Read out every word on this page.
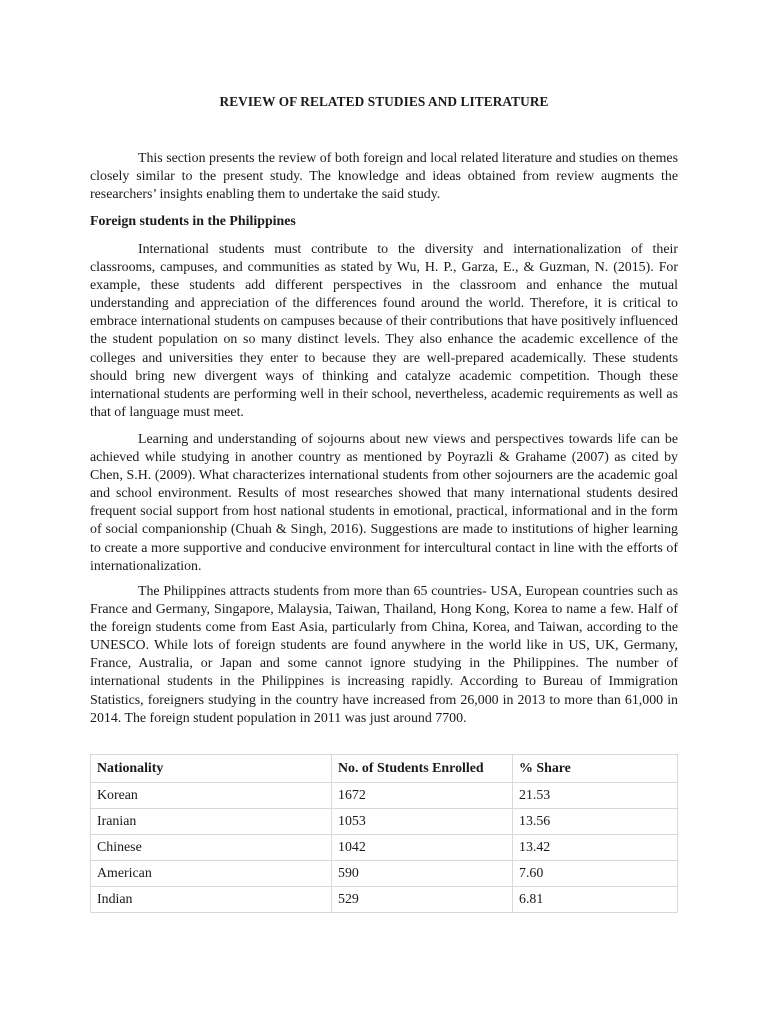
REVIEW OF RELATED STUDIES AND LITERATURE

This section presents the review of both foreign and local related literature and studies on themes closely similar to the present study. The knowledge and ideas obtained from review augments the researchers’ insights enabling them to undertake the said study.

Foreign students in the Philippines

International students must contribute to the diversity and internationalization of their classrooms, campuses, and communities as stated by Wu, H. P., Garza, E., & Guzman, N. (2015). For example, these students add different perspectives in the classroom and enhance the mutual understanding and appreciation of the differences found around the world. Therefore, it is critical to embrace international students on campuses because of their contributions that have positively influenced the student population on so many distinct levels. They also enhance the academic excellence of the colleges and universities they enter to because they are well-prepared academically. These students should bring new divergent ways of thinking and catalyze academic competition. Though these international students are performing well in their school, nevertheless, academic requirements as well as that of language must meet.

Learning and understanding of sojourns about new views and perspectives towards life can be achieved while studying in another country as mentioned by Poyrazli & Grahame (2007) as cited by Chen, S.H. (2009). What characterizes international students from other sojourners are the academic goal and school environment. Results of most researches showed that many international students desired frequent social support from host national students in emotional, practical, informational and in the form of social companionship (Chuah & Singh, 2016). Suggestions are made to institutions of higher learning to create a more supportive and conducive environment for intercultural contact in line with the efforts of internationalization.

The Philippines attracts students from more than 65 countries- USA, European countries such as France and Germany, Singapore, Malaysia, Taiwan, Thailand, Hong Kong, Korea to name a few. Half of the foreign students come from East Asia, particularly from China, Korea, and Taiwan, according to the UNESCO. While lots of foreign students are found anywhere in the world like in US, UK, Germany, France, Australia, or Japan and some cannot ignore studying in the Philippines. The number of international students in the Philippines is increasing rapidly. According to Bureau of Immigration Statistics, foreigners studying in the country have increased from 26,000 in 2013 to more than 61,000 in 2014. The foreign student population in 2011 was just around 7700.

Nationality	No. of Students Enrolled	% Share
Korean	1672	21.53
Iranian	1053	13.56
Chinese	1042	13.42
American	590	7.60
Indian	529	6.81
